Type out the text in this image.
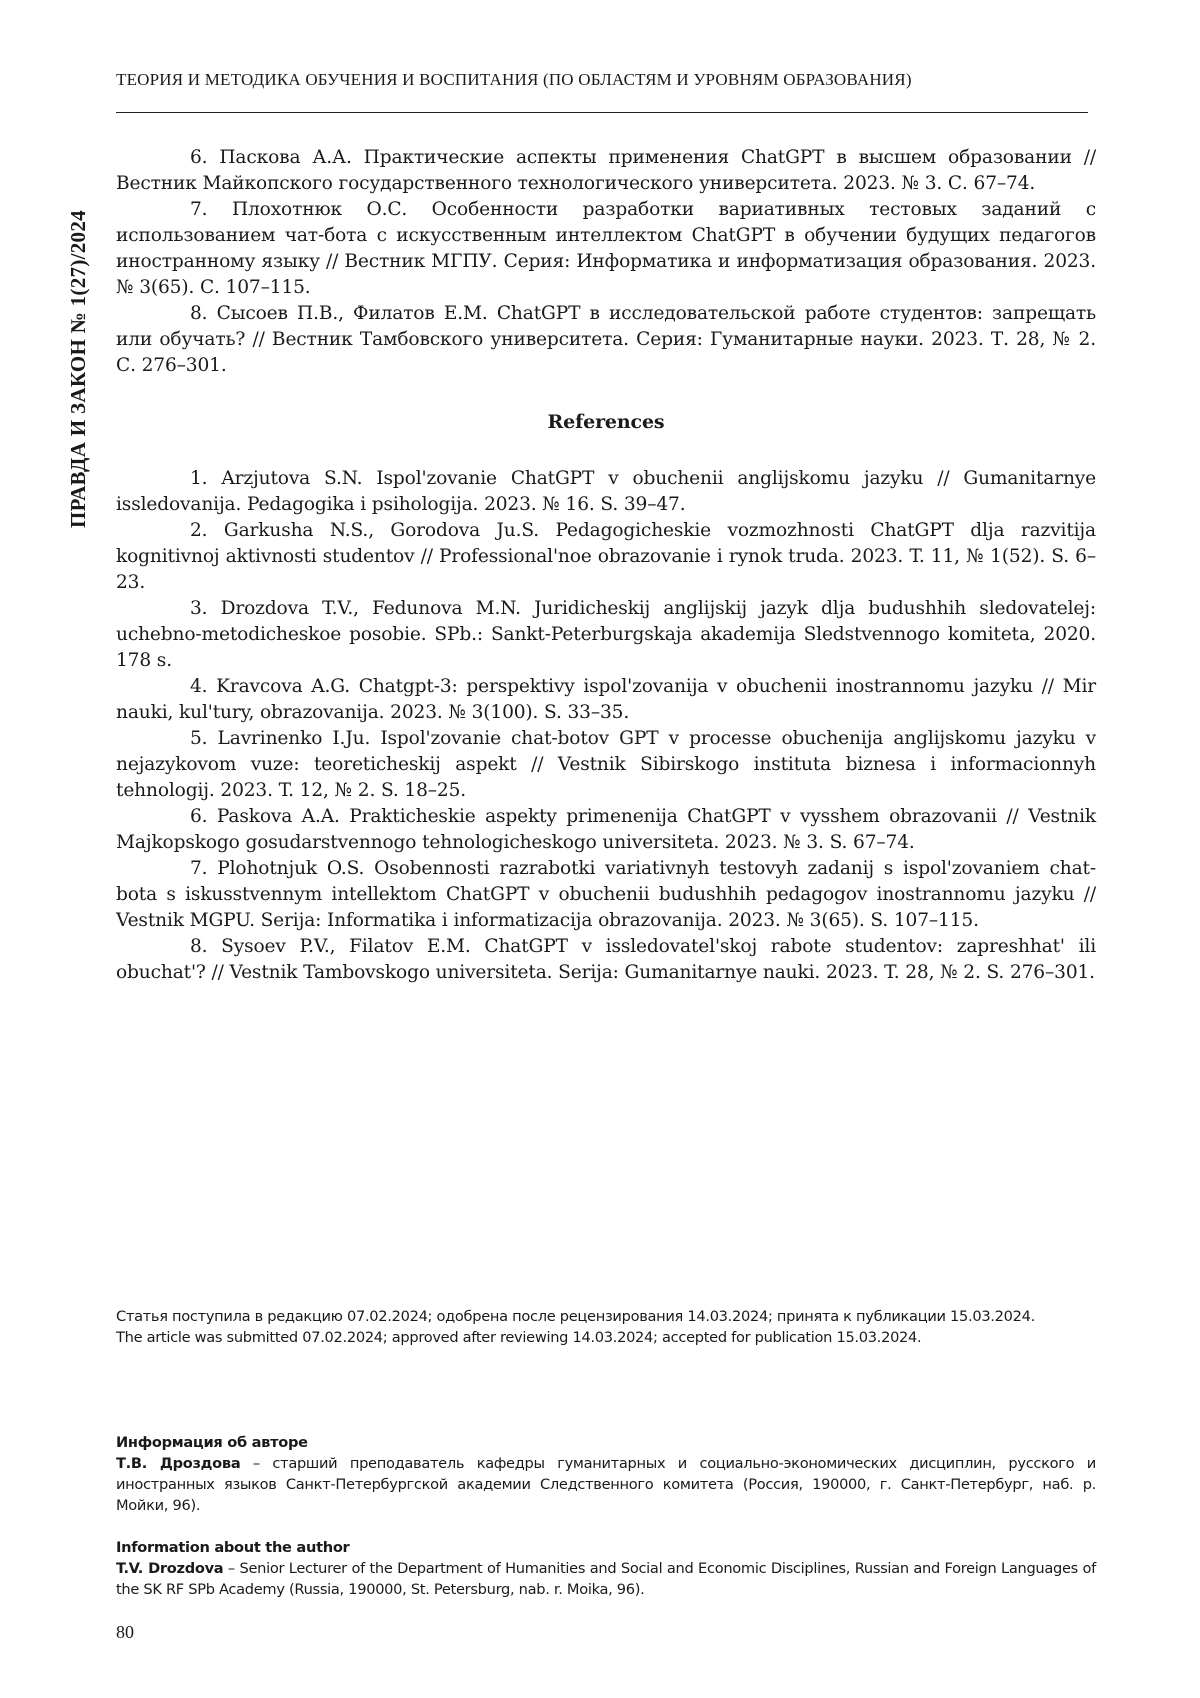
ТЕОРИЯ И МЕТОДИКА ОБУЧЕНИЯ И ВОСПИТАНИЯ (ПО ОБЛАСТЯМ И УРОВНЯМ ОБРАЗОВАНИЯ)
ПРАВДА И ЗАКОН № 1(27)/2024

6. Паскова А.А. Практические аспекты применения ChatGPT в высшем образовании // Вестник Майкопского государственного технологического университета. 2023. № 3. С. 67–74.

7. Плохотнюк О.С. Особенности разработки вариативных тестовых заданий с использованием чат-бота с искусственным интеллектом ChatGPT в обучении будущих педагогов иностранному языку // Вестник МГПУ. Серия: Информатика и информатизация образования. 2023. № 3(65). С. 107–115.

8. Сысоев П.В., Филатов Е.М. ChatGPT в исследовательской работе студентов: запрещать или обучать? // Вестник Тамбовского университета. Серия: Гуманитарные науки. 2023. Т. 28, № 2. С. 276–301.

References

1. Arzjutova S.N. Ispol'zovanie ChatGPT v obuchenii anglijskomu jazyku // Gumanitarnye issledovanija. Pedagogika i psihologija. 2023. № 16. S. 39–47.

2. Garkusha N.S., Gorodova Ju.S. Pedagogicheskie vozmozhnosti ChatGPT dlja razvitija kognitivnoj aktivnosti studentov // Professional'noe obrazovanie i rynok truda. 2023. T. 11, № 1(52). S. 6–23.

3. Drozdova T.V., Fedunova M.N. Juridicheskij anglijskij jazyk dlja budushhih sledovatelej: uchebno-metodicheskoe posobie. SPb.: Sankt-Peterburgskaja akademija Sledstvennogo komiteta, 2020. 178 s.

4. Kravcova A.G. Chatgpt-3: perspektivy ispol'zovanija v obuchenii inostrannomu jazyku // Mir nauki, kul'tury, obrazovanija. 2023. № 3(100). S. 33–35.

5. Lavrinenko I.Ju. Ispol'zovanie chat-botov GPT v processe obuchenija anglijskomu jazyku v nejazykovom vuze: teoreticheskij aspekt // Vestnik Sibirskogo instituta biznesa i informacionnyh tehnologij. 2023. T. 12, № 2. S. 18–25.

6. Paskova A.A. Prakticheskie aspekty primenenija ChatGPT v vysshem obrazovanii // Vestnik Majkopskogo gosudarstvennogo tehnologicheskogo universiteta. 2023. № 3. S. 67–74.

7. Plohotnjuk O.S. Osobennosti razrabotki variativnyh testovyh zadanij s ispol'zovaniem chat-bota s iskusstvennym intellektom ChatGPT v obuchenii budushhih pedagogov inostrannomu jazyku // Vestnik MGPU. Serija: Informatika i informatizacija obrazovanija. 2023. № 3(65). S. 107–115.

8. Sysoev P.V., Filatov E.M. ChatGPT v issledovatel'skoj rabote studentov: zapreshhat' ili obuchat'? // Vestnik Tambovskogo universiteta. Serija: Gumanitarnye nauki. 2023. T. 28, № 2. S. 276–301.

Статья поступила в редакцию 07.02.2024; одобрена после рецензирования 14.03.2024; принята к публикации 15.03.2024.

The article was submitted 07.02.2024; approved after reviewing 14.03.2024; accepted for publication 15.03.2024.

Информация об авторе

Т.В. Дроздова – старший преподаватель кафедры гуманитарных и социально-экономических дисциплин, русского и иностранных языков Санкт-Петербургской академии Следственного комитета (Россия, 190000, г. Санкт-Петербург, наб. р. Мойки, 96).

Information about the author

T.V. Drozdova – Senior Lecturer of the Department of Humanities and Social and Economic Disciplines, Russian and Foreign Languages of the SK RF SPb Academy (Russia, 190000, St. Petersburg, nab. r. Moika, 96).

80
